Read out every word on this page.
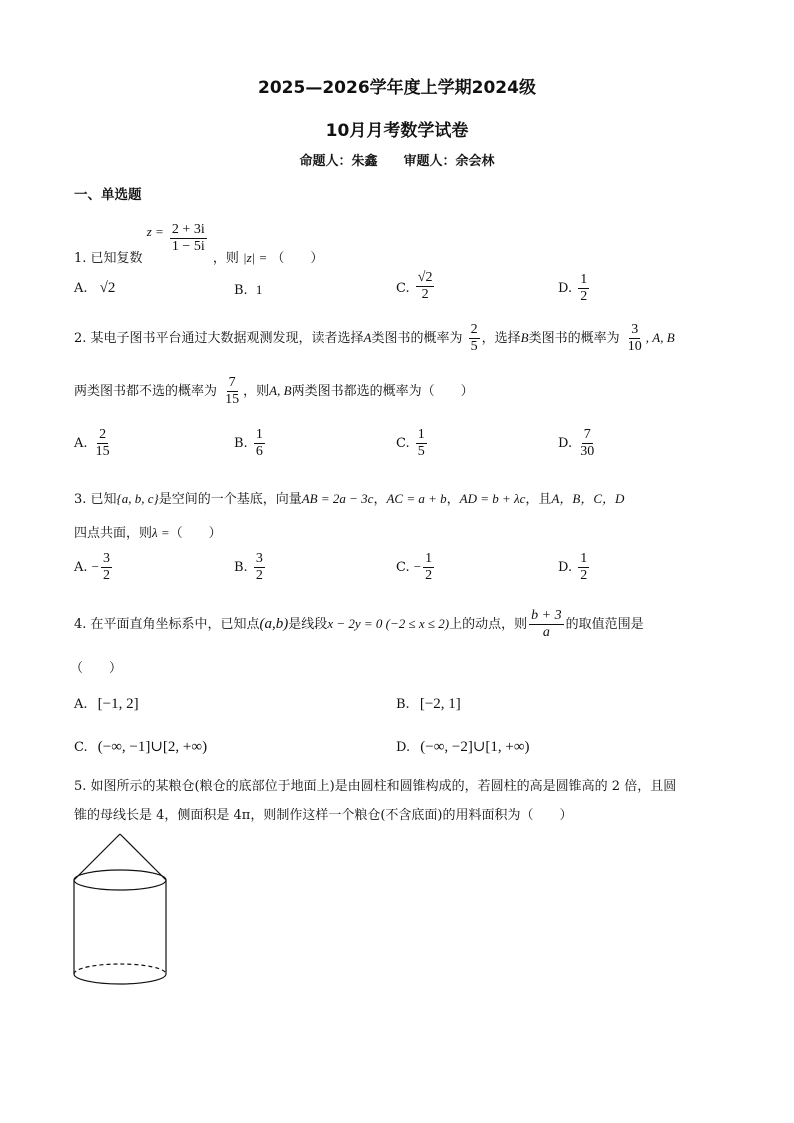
2025—2026学年度上学期2024级
10月月考数学试卷
命题人：朱鑫　　审题人：余会林
一、单选题
1. 已知复数 $z = \frac{2 + 3i}{1 - 5i}$
，则 |z| = （　　）
A. √2	B. 1	C. $\frac{√2}{2}$	D. $\frac{1}{2}$
2. 某电子图书平台通过大数据观测发现，读者选择A类图书的概率为 $\frac{2}{5}$ ，选择B类图书的概率为 $\frac{3}{10}$ , A, B
两类图书都不选的概率为 $\frac{7}{15}$ ，则A, B两类图书都选的概率为（　　）
A. $\frac{2}{15}$	B. $\frac{1}{6}$	C. $\frac{1}{5}$	D. $\frac{7}{30}$
3. 已知{a, b, c}是空间的一个基底，向量AB = 2a − 3c，AC = a + b，AD = b + λc，且A，B，C，D
四点共面，则λ =（　　）
A. − $\frac{3}{2}$	B. $\frac{3}{2}$	C. − $\frac{1}{2}$	D. $\frac{1}{2}$
4. 在平面直角坐标系中，已知点(a,b)是线段x − 2y = 0 (−2 ≤ x ≤ 2)上的动点，则 $\frac{b + 3}{a}$ 的取值范围是
（　　）
A. [−1, 2]	B. [−2, 1]
C. (−∞, −1]∪[2, +∞)	D. (−∞, −2]∪[1, +∞)
5. 如图所示的某粮仓(粮仓的底部位于地面上)是由圆柱和圆锥构成的，若圆柱的高是圆锥高的 2 倍，且圆
锥的母线长是 4，侧面积是 4π，则制作这样一个粮仓(不含底面)的用料面积为（　　）
